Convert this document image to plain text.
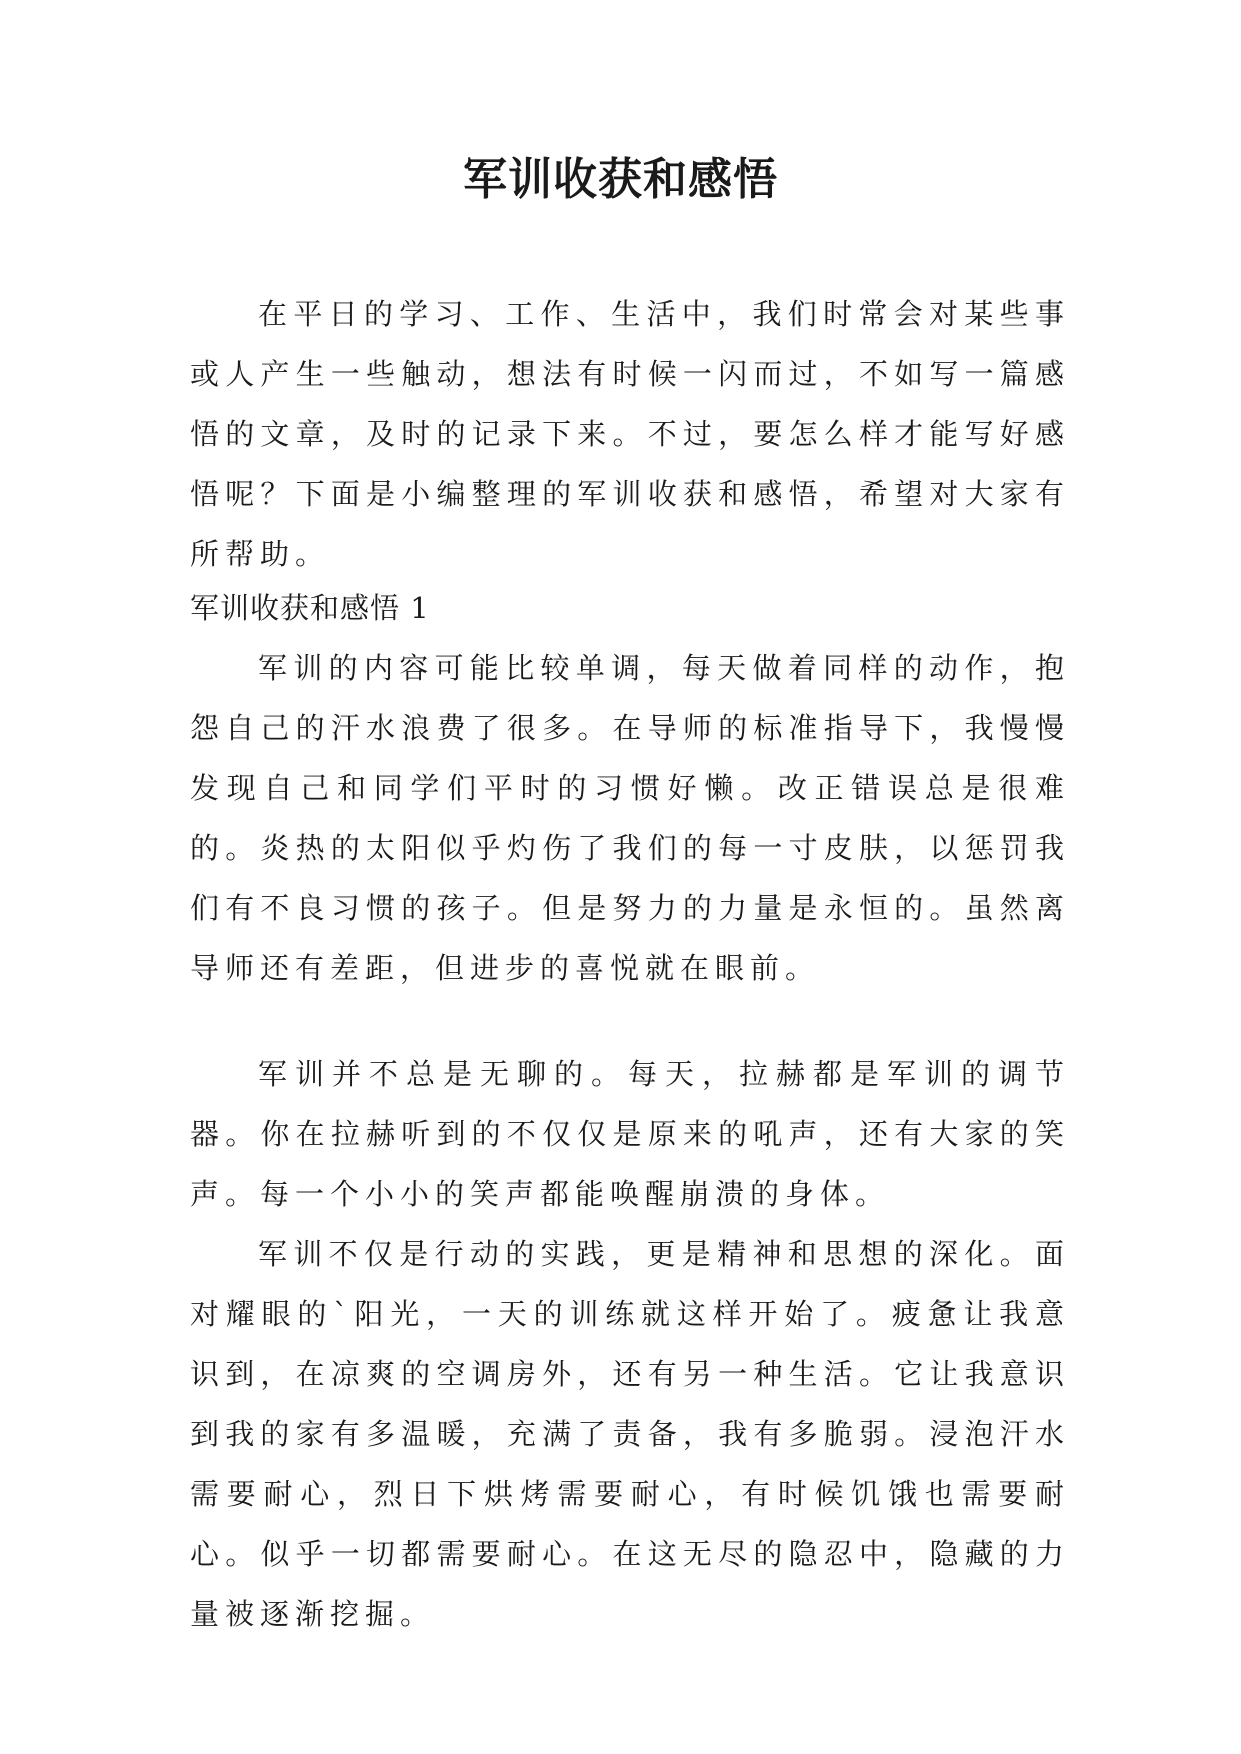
军训收获和感悟

在平日的学习、工作、生活中，我们时常会对某些事或人产生一些触动，想法有时候一闪而过，不如写一篇感悟的文章，及时的记录下来。不过，要怎么样才能写好感悟呢？下面是小编整理的军训收获和感悟，希望对大家有所帮助。

军训收获和感悟 1

军训的内容可能比较单调，每天做着同样的动作，抱怨自己的汗水浪费了很多。在导师的标准指导下，我慢慢发现自己和同学们平时的习惯好懒。改正错误总是很难的。炎热的太阳似乎灼伤了我们的每一寸皮肤，以惩罚我们有不良习惯的孩子。但是努力的力量是永恒的。虽然离导师还有差距，但进步的喜悦就在眼前。

军训并不总是无聊的。每天，拉赫都是军训的调节器。你在拉赫听到的不仅仅是原来的吼声，还有大家的笑声。每一个小小的笑声都能唤醒崩溃的身体。

军训不仅是行动的实践，更是精神和思想的深化。面对耀眼的`阳光，一天的训练就这样开始了。疲惫让我意识到，在凉爽的空调房外，还有另一种生活。它让我意识到我的家有多温暖，充满了责备，我有多脆弱。浸泡汗水需要耐心，烈日下烘烤需要耐心，有时候饥饿也需要耐心。似乎一切都需要耐心。在这无尽的隐忍中，隐藏的力量被逐渐挖掘。
